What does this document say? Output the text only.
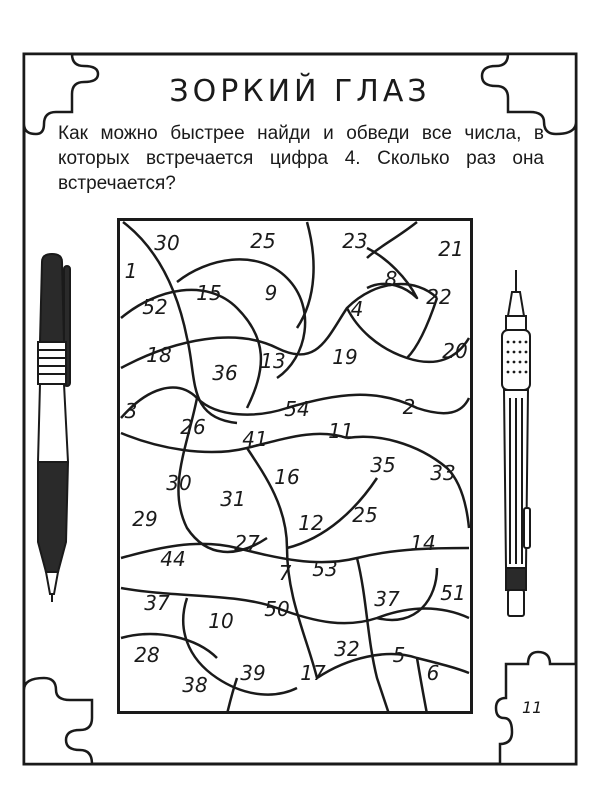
ЗОРКИЙ ГЛАЗ
Как можно быстрее найди и обведи все числа, в которых встречается цифра 4. Сколько раз она встречается?
30	25	23	21
1	8
52
15 9
4	22
18
36 13 19	20
3	54	2
26 41	11
30	16	35 33
31
29	12 25
27	14
44
7 53
37
10 50	37 51
32
28	5
39 17	6
38
11
